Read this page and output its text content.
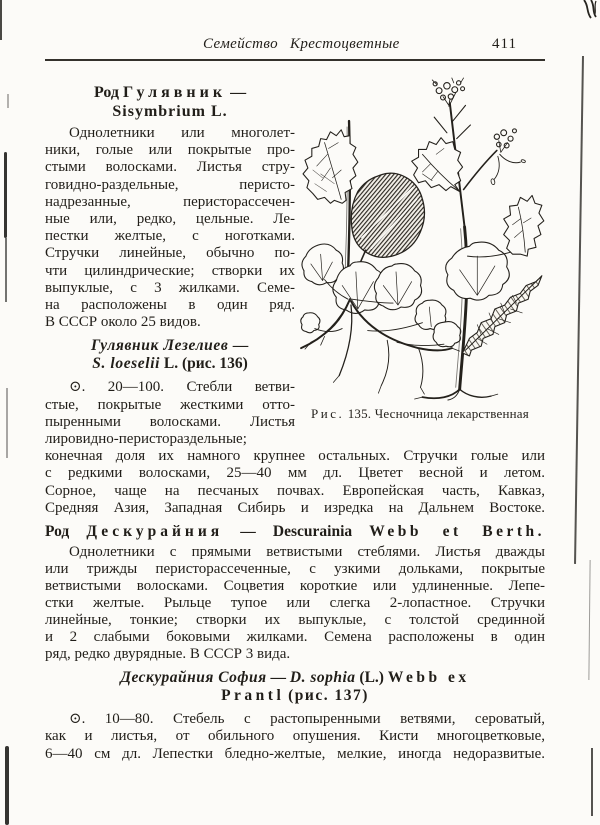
Семейство Крестоцветные	411
Род Гулявник —
Sisymbrium L.
Однолетники или многолет-
ники, голые или покрытые про-
стыми волосками. Листья стру-
говидно-раздельные, перисто-
надрезанные, перисторассечен-
ные или, редко, цельные. Ле-
пестки желтые, с ноготками.
Стручки линейные, обычно по-
чти цилиндрические; створки их
выпуклые, с 3 жилками. Семе-
на расположены в один ряд.
В СССР около 25 видов.
Гулявник Лезелиев —
S. loeselii L. (рис. 136)
⊙. 20—100. Стебли ветви-
стые, покрытые жесткими отто-
пыренными волосками. Листья
лировидно-перистораздельные;
Рис. 135. Чесночница лекарственная
конечная доля их намного крупнее остальных. Стручки голые или
с редкими волосками, 25—40 мм дл. Цветет весной и летом.
Сорное, чаще на песчаных почвах. Европейская часть, Кавказ,
Средняя Азия, Западная Сибирь и изредка на Дальнем Востоке.
Род Дескурайния — Descurainia Webb et Berth.
Однолетники с прямыми ветвистыми стеблями. Листья дважды
или трижды перисторассеченные, с узкими дольками, покрытые
ветвистыми волосками. Соцветия короткие или удлиненные. Лепе-
стки желтые. Рыльце тупое или слегка 2-лопастное. Стручки
линейные, тонкие; створки их выпуклые, с толстой срединной
и 2 слабыми боковыми жилками. Семена расположены в один
ряд, редко двурядные. В СССР 3 вида.
Дескурайния София — D. sophia (L.) Webb ex
Prantl (рис. 137)
⊙. 10—80. Стебель с растопыренными ветвями, сероватый,
как и листья, от обильного опушения. Кисти многоцветковые,
6—40 см дл. Лепестки бледно-желтые, мелкие, иногда недоразвитые.
